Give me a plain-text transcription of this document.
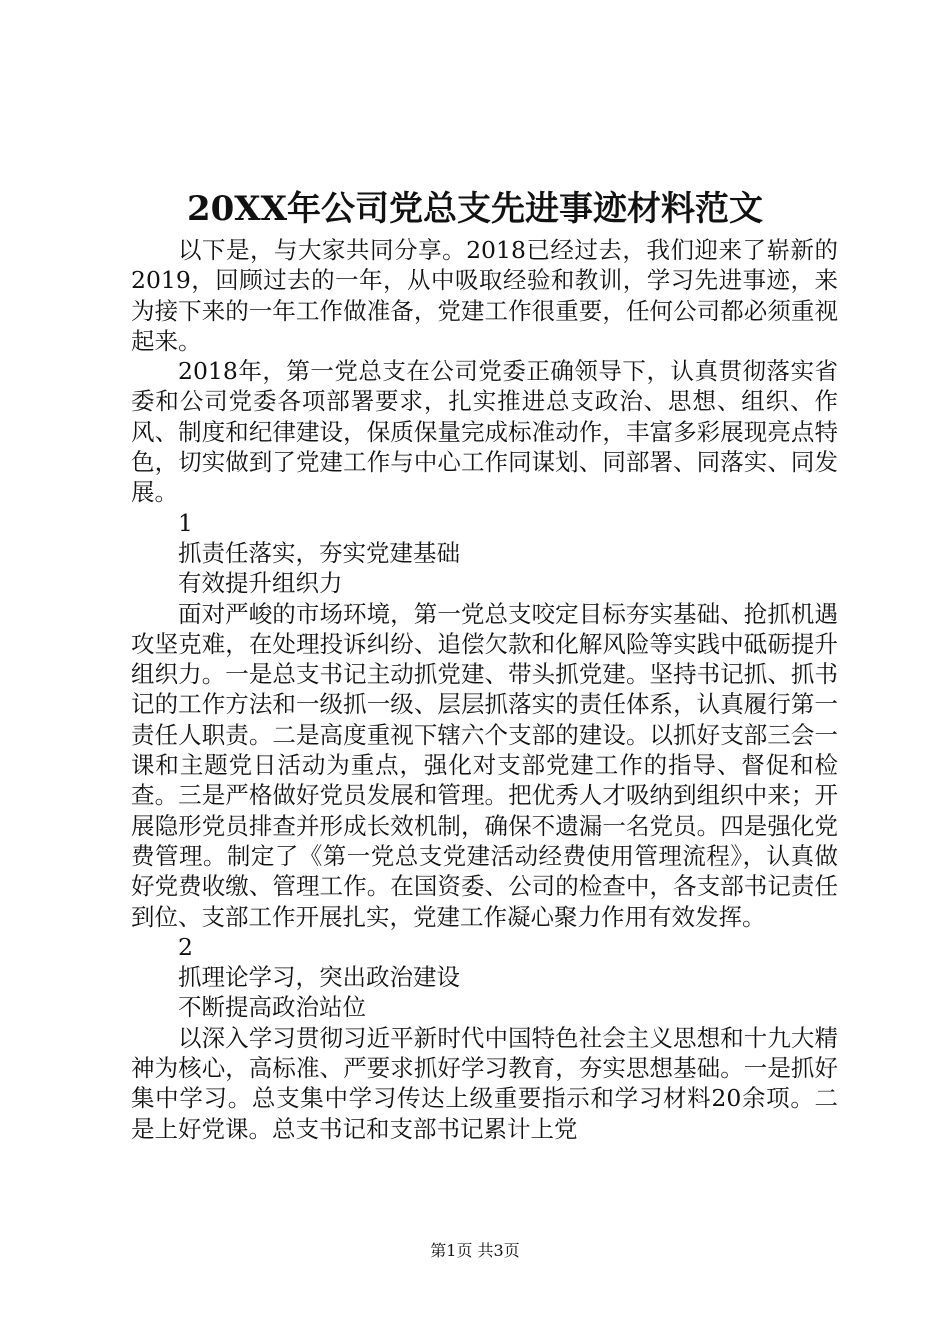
20XX年公司党总支先进事迹材料范文

以下是，与大家共同分享。2018已经过去，我们迎来了崭新的2019，回顾过去的一年，从中吸取经验和教训，学习先进事迹，来为接下来的一年工作做准备，党建工作很重要，任何公司都必须重视起来。

2018年，第一党总支在公司党委正确领导下，认真贯彻落实省委和公司党委各项部署要求，扎实推进总支政治、思想、组织、作风、制度和纪律建设，保质保量完成标准动作，丰富多彩展现亮点特色，切实做到了党建工作与中心工作同谋划、同部署、同落实、同发展。

1

抓责任落实，夯实党建基础

有效提升组织力

面对严峻的市场环境，第一党总支咬定目标夯实基础、抢抓机遇攻坚克难，在处理投诉纠纷、追偿欠款和化解风险等实践中砥砺提升组织力。一是总支书记主动抓党建、带头抓党建。坚持书记抓、抓书记的工作方法和一级抓一级、层层抓落实的责任体系，认真履行第一责任人职责。二是高度重视下辖六个支部的建设。以抓好支部三会一课和主题党日活动为重点，强化对支部党建工作的指导、督促和检查。三是严格做好党员发展和管理。把优秀人才吸纳到组织中来；开展隐形党员排查并形成长效机制，确保不遗漏一名党员。四是强化党费管理。制定了《第一党总支党建活动经费使用管理流程》，认真做好党费收缴、管理工作。在国资委、公司的检查中，各支部书记责任到位、支部工作开展扎实，党建工作凝心聚力作用有效发挥。

2

抓理论学习，突出政治建设

不断提高政治站位

以深入学习贯彻习近平新时代中国特色社会主义思想和十九大精神为核心，高标准、严要求抓好学习教育，夯实思想基础。一是抓好集中学习。总支集中学习传达上级重要指示和学习材料20余项。二是上好党课。总支书记和支部书记累计上党

第1页 共3页
